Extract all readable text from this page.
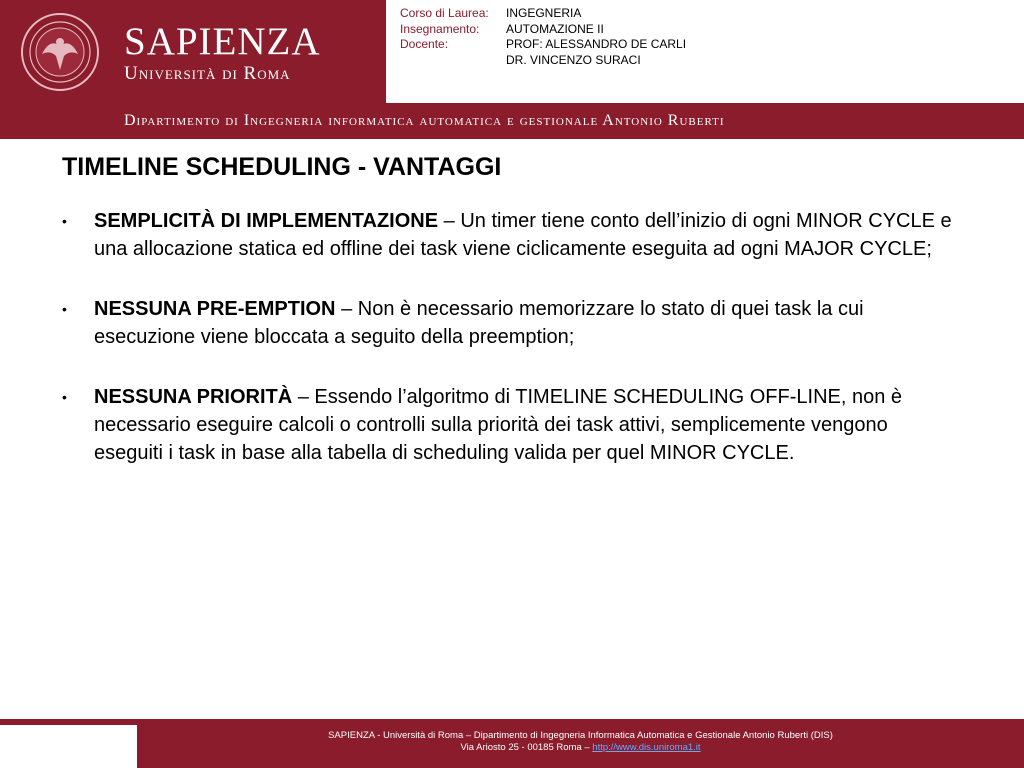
SAPIENZA
Università di Roma
Corso di Laurea:	INGEGNERIA
Insegnamento:	AUTOMAZIONE II
Docente:	PROF: ALESSANDRO DE CARLI
DR. VINCENZO SURACI
Dipartimento di Ingegneria informatica automatica e gestionale Antonio Ruberti
TIMELINE SCHEDULING - VANTAGGI
• SEMPLICITÀ DI IMPLEMENTAZIONE – Un timer tiene conto dell’inizio di ogni MINOR CYCLE e una allocazione statica ed offline dei task viene ciclicamente eseguita ad ogni MAJOR CYCLE;
• NESSUNA PRE-EMPTION – Non è necessario memorizzare lo stato di quei task la cui esecuzione viene bloccata a seguito della preemption;
• NESSUNA PRIORITÀ – Essendo l’algoritmo di TIMELINE SCHEDULING OFF-LINE, non è necessario eseguire calcoli o controlli sulla priorità dei task attivi, semplicemente vengono eseguiti i task in base alla tabella di scheduling valida per quel MINOR CYCLE.
SAPIENZA - Università di Roma – Dipartimento di Ingegneria Informatica Automatica e Gestionale Antonio Ruberti (DIS)
Via Ariosto 25 - 00185 Roma – http://www.dis.uniroma1.it
